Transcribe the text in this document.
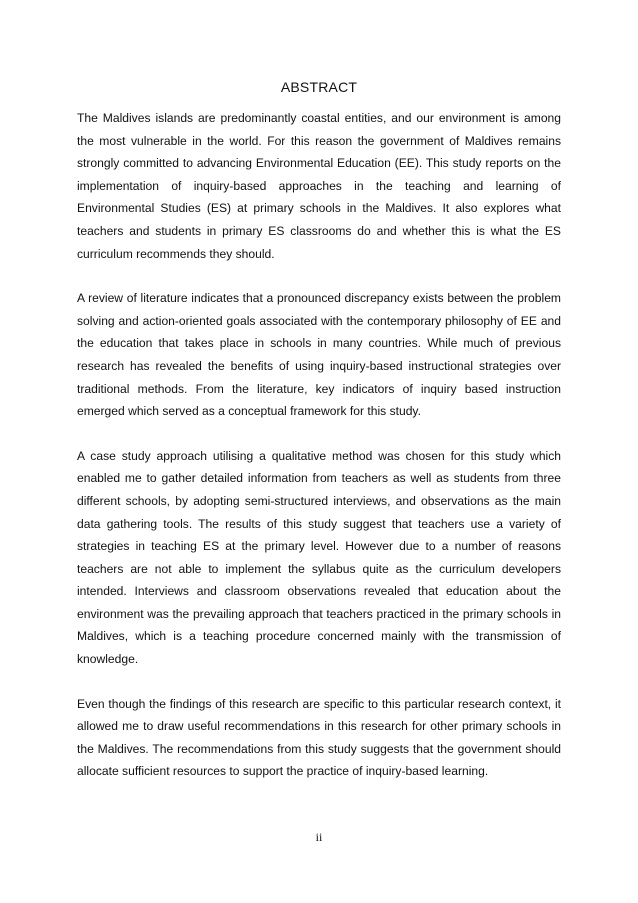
ABSTRACT

The Maldives islands are predominantly coastal entities, and our environment is among the most vulnerable in the world. For this reason the government of Maldives remains strongly committed to advancing Environmental Education (EE). This study reports on the implementation of inquiry-based approaches in the teaching and learning of Environmental Studies (ES) at primary schools in the Maldives. It also explores what teachers and students in primary ES classrooms do and whether this is what the ES curriculum recommends they should.

A review of literature indicates that a pronounced discrepancy exists between the problem solving and action-oriented goals associated with the contemporary philosophy of EE and the education that takes place in schools in many countries. While much of previous research has revealed the benefits of using inquiry-based instructional strategies over traditional methods. From the literature, key indicators of inquiry based instruction emerged which served as a conceptual framework for this study.

A case study approach utilising a qualitative method was chosen for this study which enabled me to gather detailed information from teachers as well as students from three different schools, by adopting semi-structured interviews, and observations as the main data gathering tools. The results of this study suggest that teachers use a variety of strategies in teaching ES at the primary level. However due to a number of reasons teachers are not able to implement the syllabus quite as the curriculum developers intended. Interviews and classroom observations revealed that education about the environment was the prevailing approach that teachers practiced in the primary schools in Maldives, which is a teaching procedure concerned mainly with the transmission of knowledge.

Even though the findings of this research are specific to this particular research context, it allowed me to draw useful recommendations in this research for other primary schools in the Maldives. The recommendations from this study suggests that the government should allocate sufficient resources to support the practice of inquiry-based learning.

ii
